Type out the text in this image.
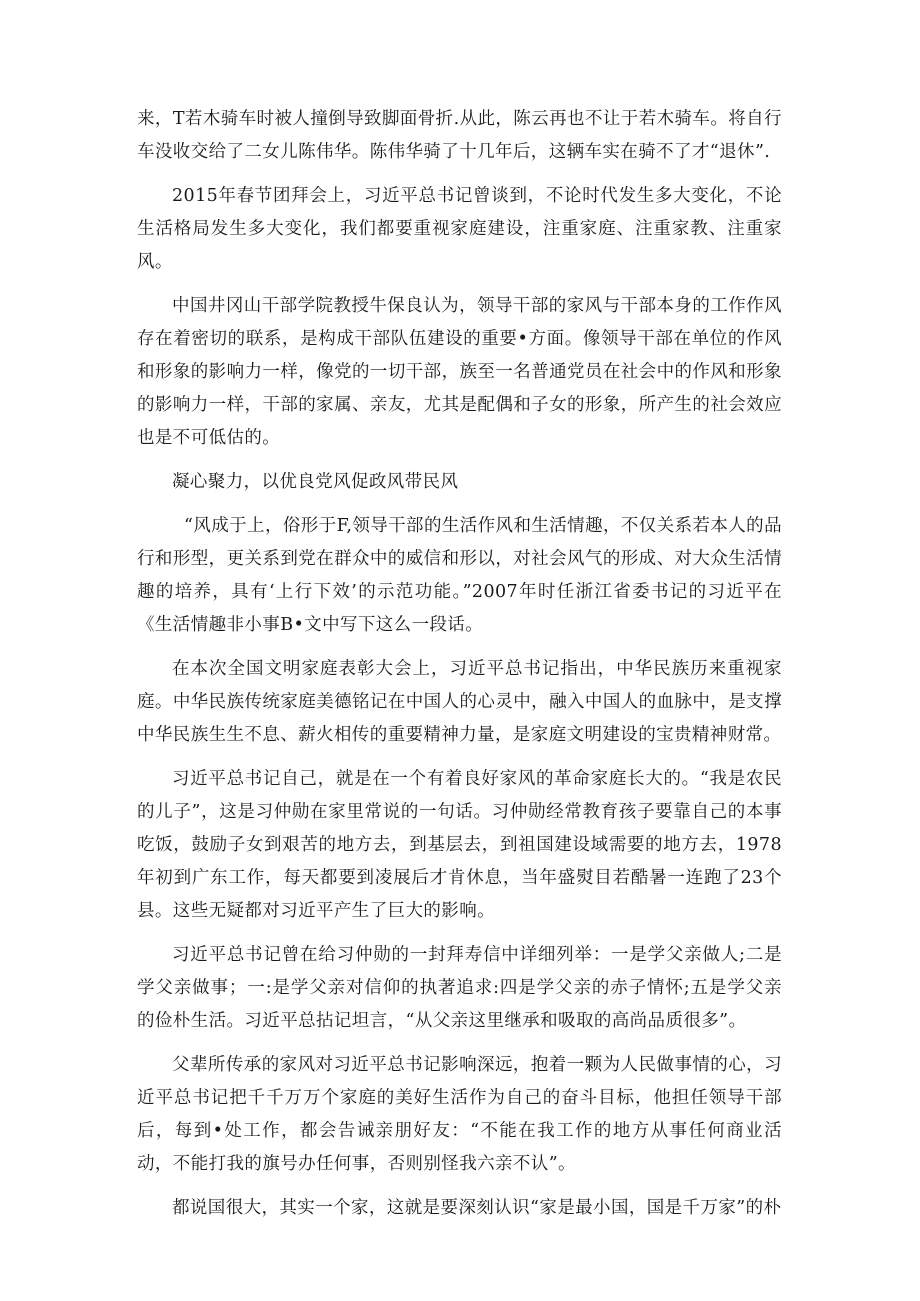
来，T若木骑车时被人撞倒导致脚面骨折.从此，陈云再也不让于若木骑车。将自行车没收交给了二女儿陈伟华。陈伟华骑了十几年后，这辆车实在骑不了才“退休”.

2015年春节团拜会上，习近平总书记曾谈到，不论时代发生多大变化，不论生活格局发生多大变化，我们都要重视家庭建设，注重家庭、注重家教、注重家风。

中国井冈山干部学院教授牛保良认为，领导干部的家风与干部本身的工作作风存在着密切的联系，是构成干部队伍建设的重要•方面。像领导干部在单位的作风和形象的影响力一样，像党的一切干部，族至一名普通党员在社会中的作风和形象的影响力一样，干部的家属、亲友，尤其是配偶和子女的形象，所产生的社会效应也是不可低估的。

凝心聚力，以优良党风促政风带民风

“风成于上，俗形于F,领导干部的生活作风和生活情趣，不仅关系若本人的品行和形型，更关系到党在群众中的威信和形以，对社会风气的形成、对大众生活情趣的培养，具有‘上行下效’的示范功能。”2007年时任浙江省委书记的习近平在《生活情趣非小事B•文中写下这么一段话。

在本次全国文明家庭表彰大会上，习近平总书记指出，中华民族历来重视家庭。中华民族传统家庭美德铭记在中国人的心灵中，融入中国人的血脉中，是支撑中华民族生生不息、薪火相传的重要精神力量，是家庭文明建设的宝贵精神财常。

习近平总书记自己，就是在一个有着良好家风的革命家庭长大的。“我是农民的儿子”，这是习仲勋在家里常说的一句话。习仲勋经常教育孩子要靠自己的本事吃饭，鼓励子女到艰苦的地方去，到基层去，到祖国建设域需要的地方去，1978年初到广东工作，每天都要到凌展后才肯休息，当年盛熨目若酷暑一连跑了23个县。这些无疑都对习近平产生了巨大的影响。

习近平总书记曾在给习仲勋的一封拜寿信中详细列举：一是学父亲做人;二是学父亲做事；一:是学父亲对信仰的执著追求:四是学父亲的赤子情怀;五是学父亲的俭朴生活。习近平总拈记坦言，“从父亲这里继承和吸取的高尚品质很多”。

父辈所传承的家风对习近平总书记影响深远，抱着一颗为人民做事情的心，习近平总书记把千千万万个家庭的美好生活作为自己的奋斗目标，他担任领导干部后，每到•处工作，都会告诫亲朋好友：“不能在我工作的地方从事任何商业活动，不能打我的旗号办任何事，否则别怪我六亲不认”。

都说国很大，其实一个家，这就是要深刻认识“家是最小国，国是千万家”的朴
